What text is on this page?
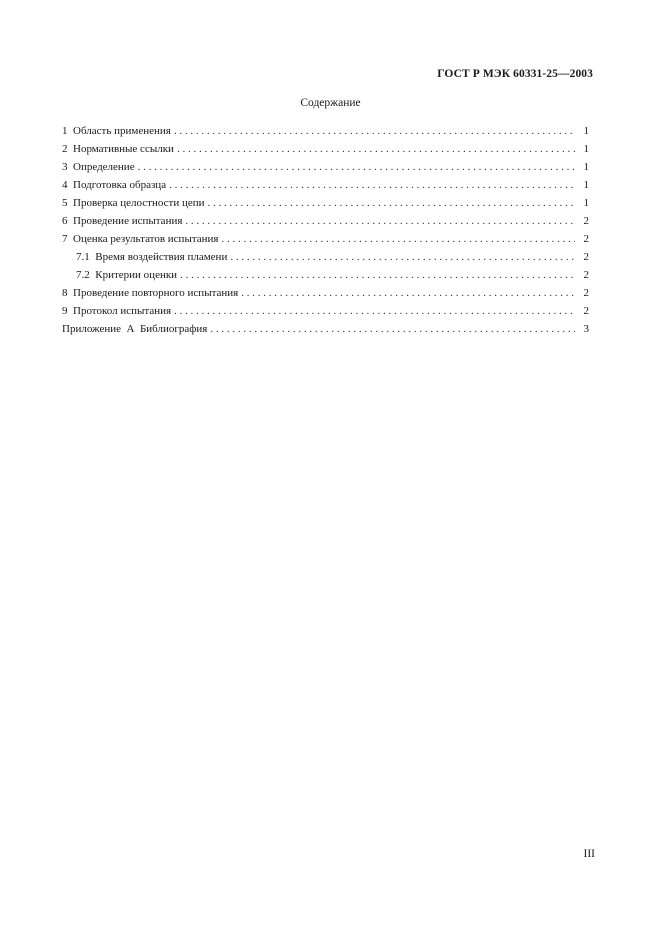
ГОСТ Р МЭК 60331-25—2003
Содержание
1  Область применения . . .	1
2  Нормативные ссылки . . .	1
3  Определение . . .	1
4  Подготовка образца . . .	1
5  Проверка целостности цепи . . .	1
6  Проведение испытания . . .	2
7  Оценка результатов испытания . . .	2
7.1  Время воздействия пламени . . .	2
7.2  Критерии оценки . . .	2
8  Проведение повторного испытания . . .	2
9  Протокол испытания . . .	2
Приложение  А  Библиография . . .	3
III
